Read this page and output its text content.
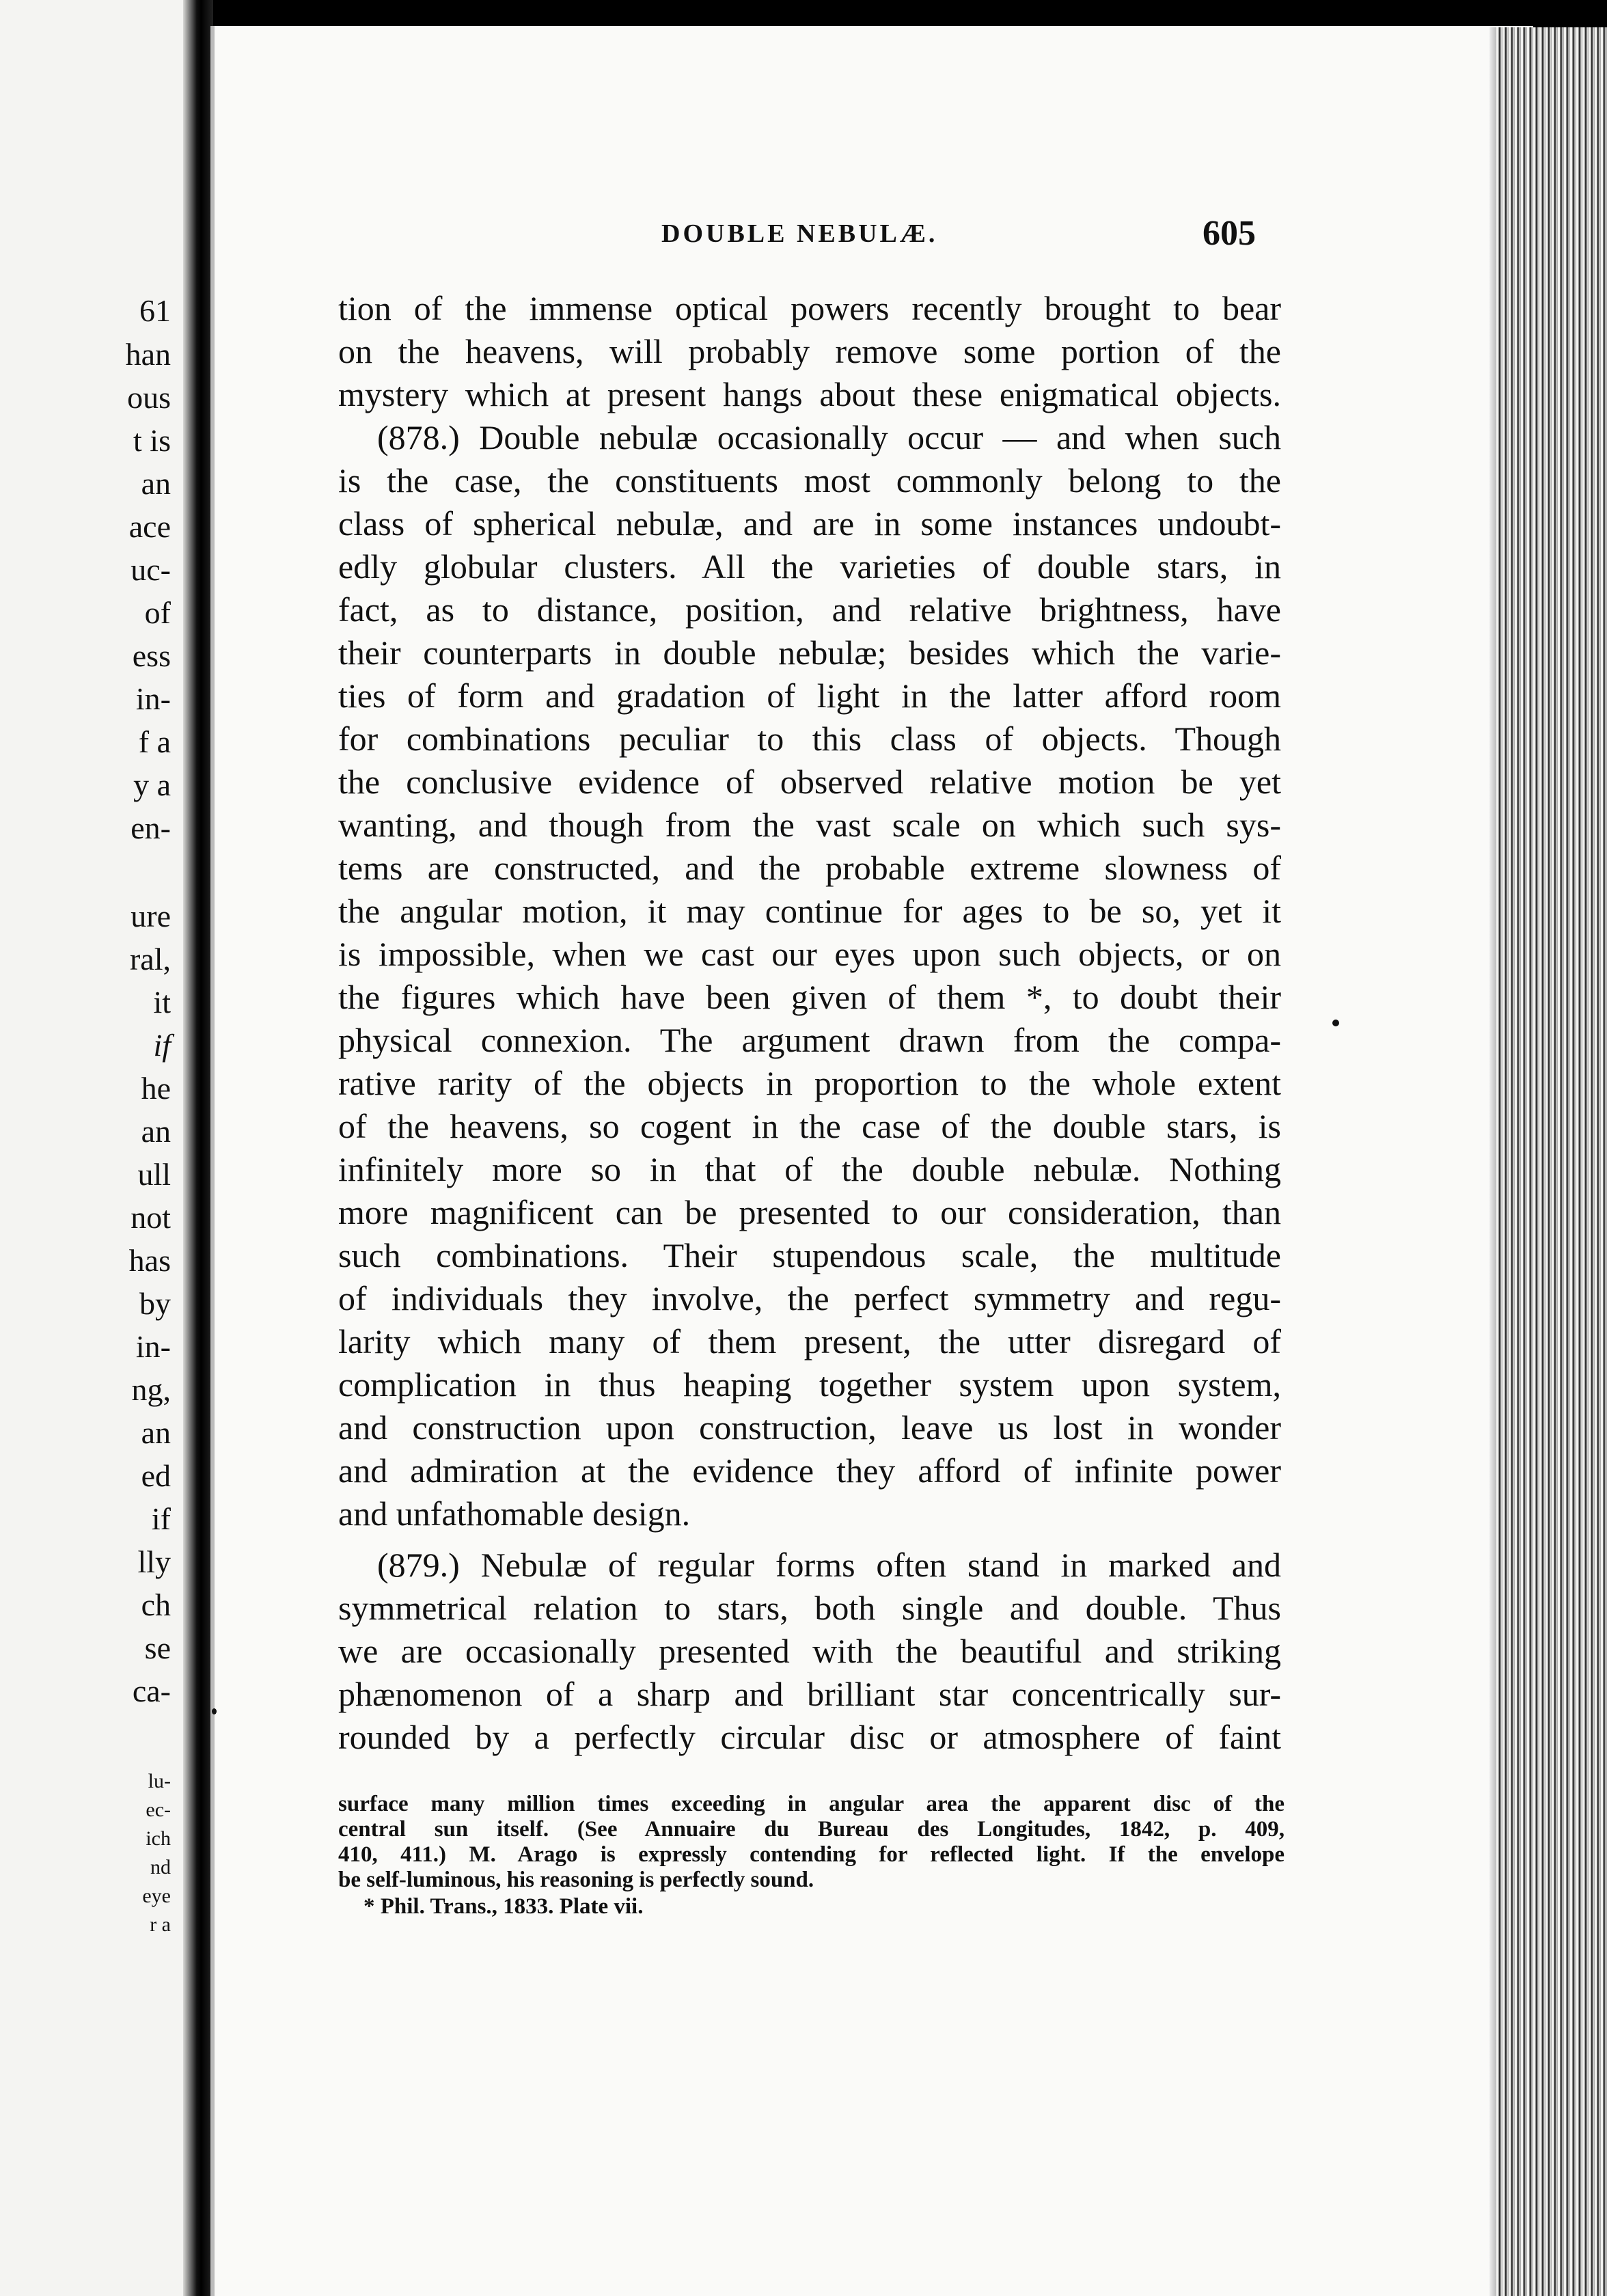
61
han
ous
t is
an
ace
uc-
of
ess
in-
f a
y a
en-
ure
ral,
it
if
he
an
ull
not
has
by
in-
ng,
an
ed
if
lly
ch
se
ca-
lu-
ec-
ich
nd
eye
r a
DOUBLE NEBULÆ.	605
tion of the immense optical powers recently brought to bear
on the heavens, will probably remove some portion of the
mystery which at present hangs about these enigmatical objects.
(878.) Double nebulæ occasionally occur — and when such
is the case, the constituents most commonly belong to the
class of spherical nebulæ, and are in some instances undoubt-
edly globular clusters. All the varieties of double stars, in
fact, as to distance, position, and relative brightness, have
their counterparts in double nebulæ; besides which the varie-
ties of form and gradation of light in the latter afford room
for combinations peculiar to this class of objects. Though
the conclusive evidence of observed relative motion be yet
wanting, and though from the vast scale on which such sys-
tems are constructed, and the probable extreme slowness of
the angular motion, it may continue for ages to be so, yet it
is impossible, when we cast our eyes upon such objects, or on
the figures which have been given of them *, to doubt their
physical connexion. The argument drawn from the compa-
rative rarity of the objects in proportion to the whole extent
of the heavens, so cogent in the case of the double stars, is
infinitely more so in that of the double nebulæ. Nothing
more magnificent can be presented to our consideration, than
such combinations. Their stupendous scale, the multitude
of individuals they involve, the perfect symmetry and regu-
larity which many of them present, the utter disregard of
complication in thus heaping together system upon system,
and construction upon construction, leave us lost in wonder
and admiration at the evidence they afford of infinite power
and unfathomable design.
(879.) Nebulæ of regular forms often stand in marked and
symmetrical relation to stars, both single and double. Thus
we are occasionally presented with the beautiful and striking
phænomenon of a sharp and brilliant star concentrically sur-
rounded by a perfectly circular disc or atmosphere of faint
surface many million times exceeding in angular area the apparent disc of the
central sun itself. (See Annuaire du Bureau des Longitudes, 1842, p. 409,
410, 411.) M. Arago is expressly contending for reflected light. If the envelope
be self-luminous, his reasoning is perfectly sound.
* Phil. Trans., 1833. Plate vii.
